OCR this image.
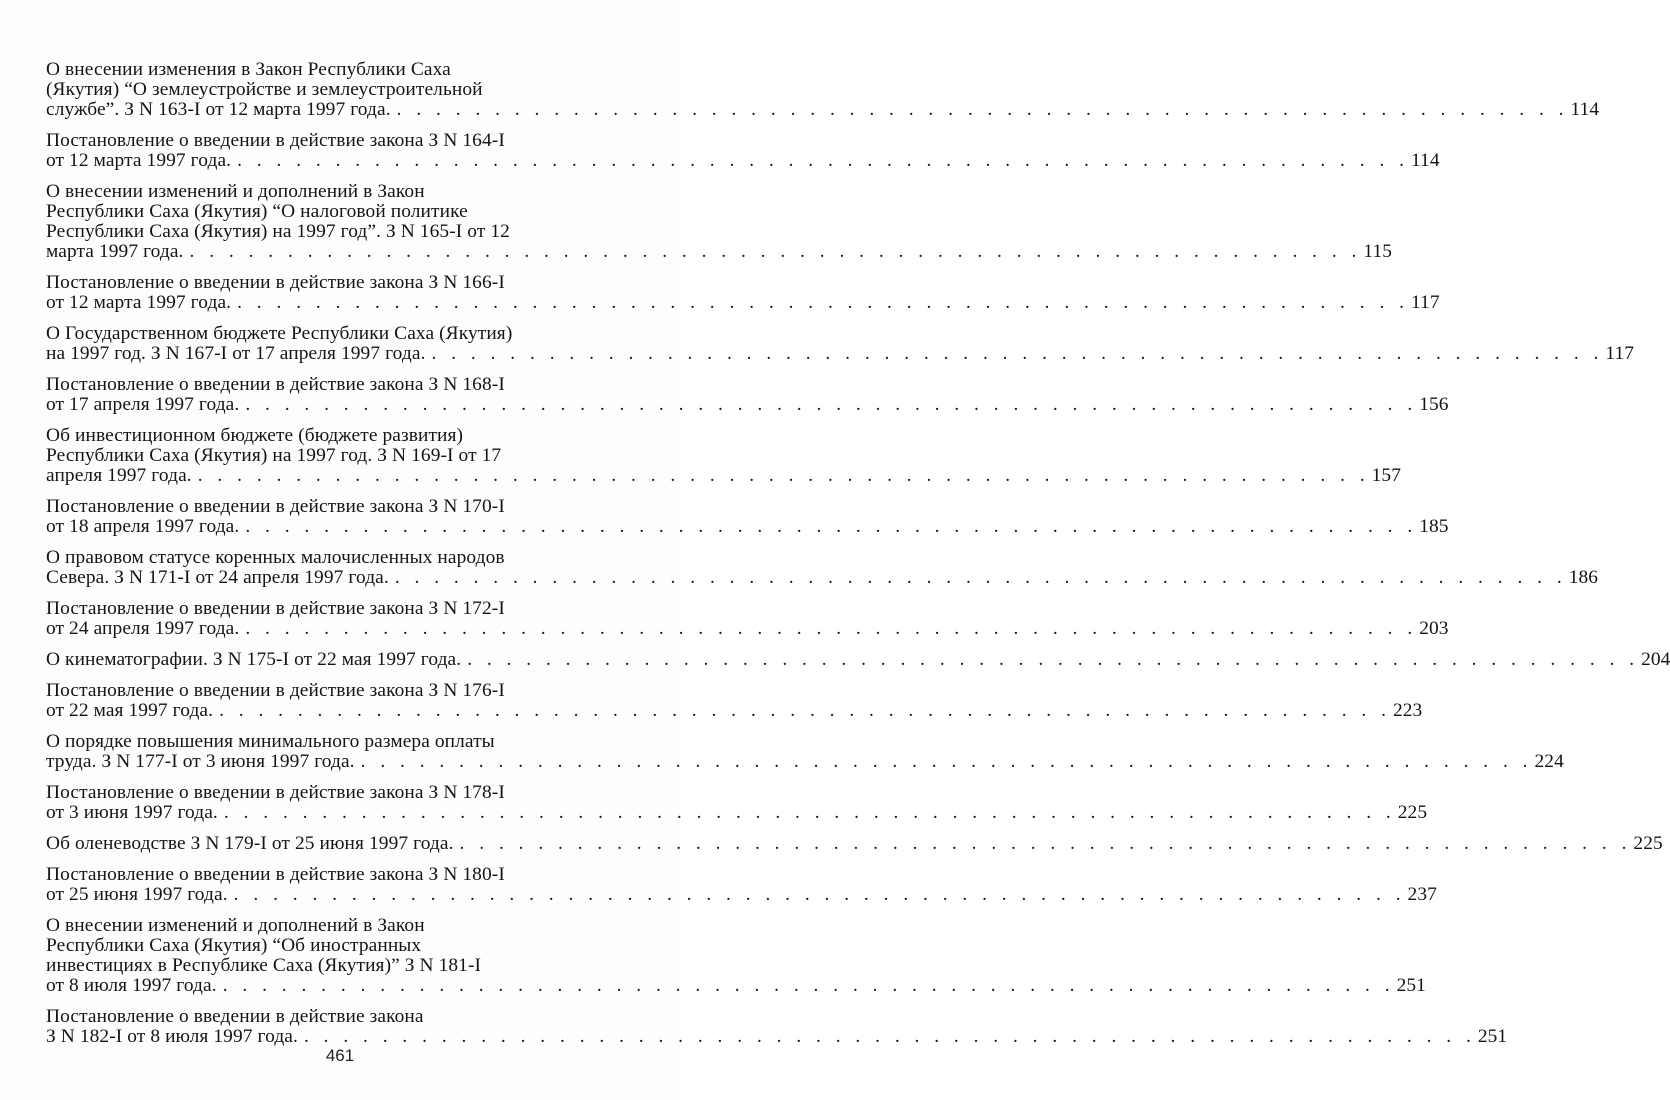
О внесении изменения в Закон Республики Саха
(Якутия) “О землеустройстве и землеустроительной
службе”. З N 163-I от 12 марта 1997 года. . . . . . . . . . . . . . . . . . . . . . . . . . . . . . . . . . . . . . . . . . . . . . . . . . . . . . . . . . . . . 114
Постановление о введении в действие закона З N 164-I
от 12 марта 1997 года. . . . . . . . . . . . . . . . . . . . . . . . . . . . . . . . . . . . . . . . . . . . . . . . . . . . . . . . . . . . . 114
О внесении изменений и дополнений в Закон
Республики Саха (Якутия) “О налоговой политике
Республики Саха (Якутия) на 1997 год”. З N 165-I от 12
марта 1997 года. . . . . . . . . . . . . . . . . . . . . . . . . . . . . . . . . . . . . . . . . . . . . . . . . . . . . . . . . . . . . 115
Постановление о введении в действие закона З N 166-I
от 12 марта 1997 года. . . . . . . . . . . . . . . . . . . . . . . . . . . . . . . . . . . . . . . . . . . . . . . . . . . . . . . . . . . . . 117
О Государственном бюджете Республики Саха (Якутия)
на 1997 год. З N 167-I от 17 апреля 1997 года. . . . . . . . . . . . . . . . . . . . . . . . . . . . . . . . . . . . . . . . . . . . . . . . . . . . . . . . . . . . . 117
Постановление о введении в действие закона З N 168-I
от 17 апреля 1997 года. . . . . . . . . . . . . . . . . . . . . . . . . . . . . . . . . . . . . . . . . . . . . . . . . . . . . . . . . . . . . 156
Об инвестиционном бюджете (бюджете развития)
Республики Саха (Якутия) на 1997 год. З N 169-I от 17
апреля 1997 года. . . . . . . . . . . . . . . . . . . . . . . . . . . . . . . . . . . . . . . . . . . . . . . . . . . . . . . . . . . . . 157
Постановление о введении в действие закона З N 170-I
от 18 апреля 1997 года. . . . . . . . . . . . . . . . . . . . . . . . . . . . . . . . . . . . . . . . . . . . . . . . . . . . . . . . . . . . . 185
О правовом статусе коренных малочисленных народов
Севера. З N 171-I от 24 апреля 1997 года. . . . . . . . . . . . . . . . . . . . . . . . . . . . . . . . . . . . . . . . . . . . . . . . . . . . . . . . . . . . . 186
Постановление о введении в действие закона З N 172-I
от 24 апреля 1997 года. . . . . . . . . . . . . . . . . . . . . . . . . . . . . . . . . . . . . . . . . . . . . . . . . . . . . . . . . . . . . 203
О кинематографии. З N 175-I от 22 мая 1997 года. . . . . . . . . . . . . . . . . . . . . . . . . . . . . . . . . . . . . . . . . . . . . . . . . . . . . . . . . . . . . 204
Постановление о введении в действие закона З N 176-I
от 22 мая 1997 года. . . . . . . . . . . . . . . . . . . . . . . . . . . . . . . . . . . . . . . . . . . . . . . . . . . . . . . . . . . . . 223
О порядке повышения минимального размера оплаты
труда. З N 177-I от 3 июня 1997 года. . . . . . . . . . . . . . . . . . . . . . . . . . . . . . . . . . . . . . . . . . . . . . . . . . . . . . . . . . . . . 224
Постановление о введении в действие закона З N 178-I
от 3 июня 1997 года. . . . . . . . . . . . . . . . . . . . . . . . . . . . . . . . . . . . . . . . . . . . . . . . . . . . . . . . . . . . . 225
Об оленеводстве З N 179-I от 25 июня 1997 года. . . . . . . . . . . . . . . . . . . . . . . . . . . . . . . . . . . . . . . . . . . . . . . . . . . . . . . . . . . . . 225
Постановление о введении в действие закона З N 180-I
от 25 июня 1997 года. . . . . . . . . . . . . . . . . . . . . . . . . . . . . . . . . . . . . . . . . . . . . . . . . . . . . . . . . . . . . 237
О внесении изменений и дополнений в Закон
Республики Саха (Якутия) “Об иностранных
инвестициях в Республике Саха (Якутия)” З N 181-I
от 8 июля 1997 года. . . . . . . . . . . . . . . . . . . . . . . . . . . . . . . . . . . . . . . . . . . . . . . . . . . . . . . . . . . . . 251
Постановление о введении в действие закона
З N 182-I от 8 июля 1997 года. . . . . . . . . . . . . . . . . . . . . . . . . . . . . . . . . . . . . . . . . . . . . . . . . . . . . . . . . . . . . 251
461
